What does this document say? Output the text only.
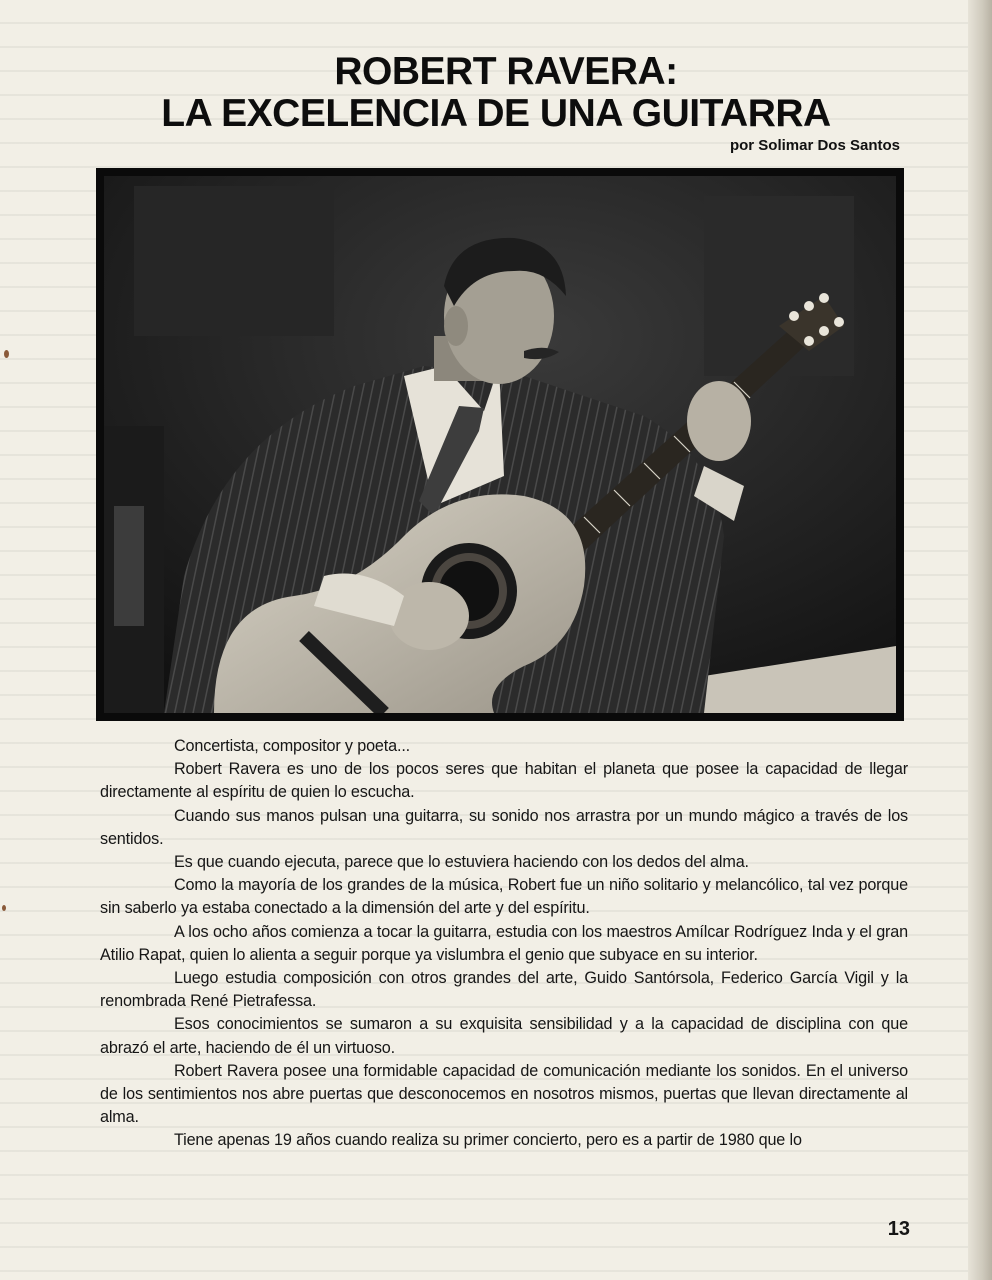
ROBERT RAVERA:
LA EXCELENCIA DE UNA GUITARRA
por Solimar Dos Santos

Concertista, compositor y poeta...

Robert Ravera es uno de los pocos seres que habitan el planeta que posee la capacidad de llegar directamente al espíritu de quien lo escucha.

Cuando sus manos pulsan una guitarra, su sonido nos arrastra por un mundo mágico a través de los sentidos.

Es que cuando ejecuta, parece que lo estuviera haciendo con los dedos del alma.

Como la mayoría de los grandes de la música, Robert fue un niño solitario y melancólico, tal vez porque sin saberlo ya estaba conectado a la dimensión del arte y del espíritu.

A los ocho años comienza a tocar la guitarra, estudia con los maestros Amílcar Rodríguez Inda y el gran Atilio Rapat, quien lo alienta a seguir porque ya vislumbra el genio que subyace en su interior.

Luego estudia composición con otros grandes del arte, Guido Santórsola, Federico García Vigil y la renombrada René Pietrafessa.

Esos conocimientos se sumaron a su exquisita sensibilidad y a la capacidad de disciplina con que abrazó el arte, haciendo de él un virtuoso.

Robert Ravera posee una formidable capacidad de comunicación mediante los sonidos. En el universo de los sentimientos nos abre puertas que desconocemos en nosotros mismos, puertas que llevan directamente al alma.

Tiene apenas 19 años cuando realiza su primer concierto, pero es a partir de 1980 que lo

13
